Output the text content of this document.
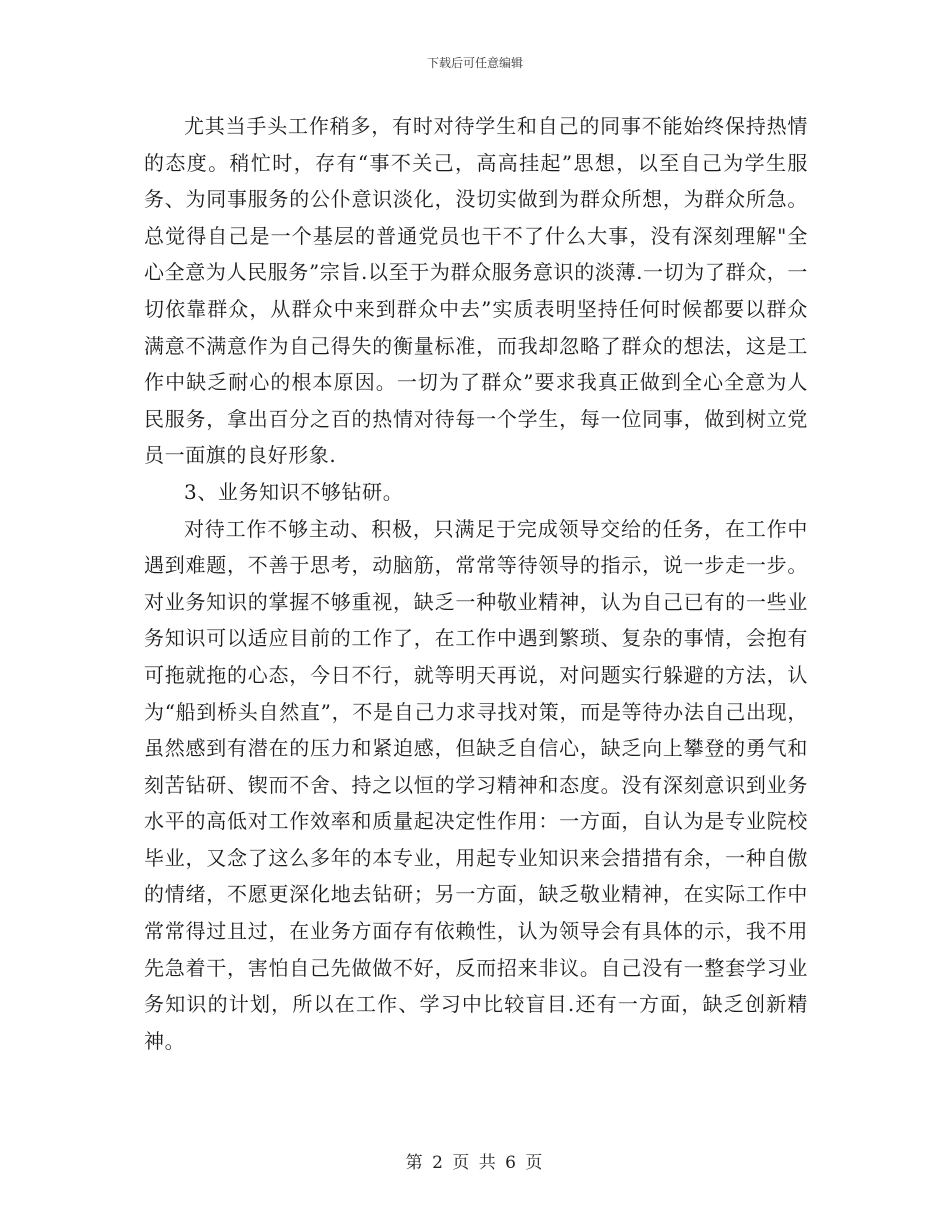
下载后可任意编辑

尤其当手头工作稍多，有时对待学生和自己的同事不能始终保持热情的态度。稍忙时，存有“事不关己，高高挂起”思想，以至自己为学生服务、为同事服务的公仆意识淡化，没切实做到为群众所想，为群众所急。总觉得自己是一个基层的普通党员也干不了什么大事，没有深刻理解"全心全意为人民服务”宗旨.以至于为群众服务意识的淡薄.一切为了群众，一切依靠群众，从群众中来到群众中去”实质表明坚持任何时候都要以群众满意不满意作为自己得失的衡量标准，而我却忽略了群众的想法，这是工作中缺乏耐心的根本原因。一切为了群众”要求我真正做到全心全意为人民服务，拿出百分之百的热情对待每一个学生，每一位同事，做到树立党员一面旗的良好形象.

3、业务知识不够钻研。

对待工作不够主动、积极，只满足于完成领导交给的任务，在工作中遇到难题，不善于思考，动脑筋，常常等待领导的指示，说一步走一步。对业务知识的掌握不够重视，缺乏一种敬业精神，认为自己已有的一些业务知识可以适应目前的工作了，在工作中遇到繁琐、复杂的事情，会抱有可拖就拖的心态，今日不行，就等明天再说，对问题实行躲避的方法，认为“船到桥头自然直”，不是自己力求寻找对策，而是等待办法自己出现，虽然感到有潜在的压力和紧迫感，但缺乏自信心，缺乏向上攀登的勇气和刻苦钻研、锲而不舍、持之以恒的学习精神和态度。没有深刻意识到业务水平的高低对工作效率和质量起决定性作用：一方面，自认为是专业院校毕业，又念了这么多年的本专业，用起专业知识来会措措有余，一种自傲的情绪，不愿更深化地去钻研；另一方面，缺乏敬业精神，在实际工作中常常得过且过，在业务方面存有依赖性，认为领导会有具体的示，我不用先急着干，害怕自己先做做不好，反而招来非议。自己没有一整套学习业务知识的计划，所以在工作、学习中比较盲目.还有一方面，缺乏创新精神。

第 2 页 共 6 页
